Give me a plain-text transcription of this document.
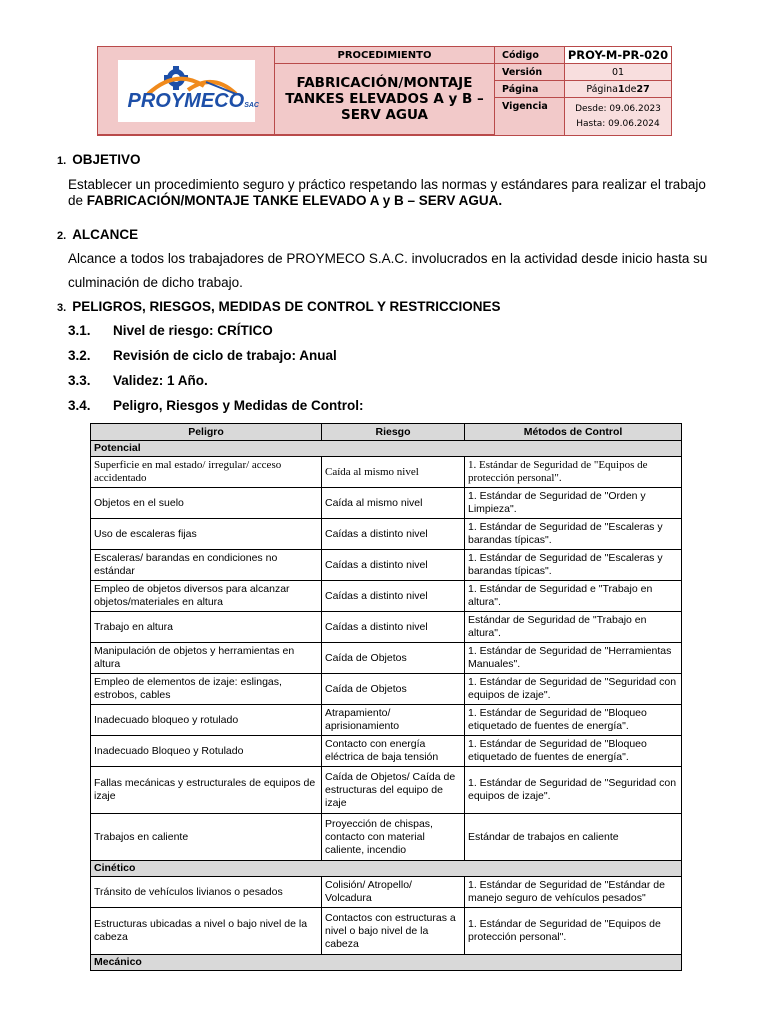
PROYMECOSAC
PROCEDIMIENTO	Código	PROY-M-PR-020
FABRICACIÓN/MONTAJE TANKES ELEVADOS A y B – SERV AGUA
Versión	01
Página	Página 1 de 27
Vigencia	Desde: 09.06.2023
Hasta: 09.06.2024
1. OBJETIVO
Establecer un procedimiento seguro y práctico respetando las normas y estándares para realizar el trabajo de FABRICACIÓN/MONTAJE TANKE ELEVADO A y B – SERV AGUA.
2. ALCANCE
Alcance a todos los trabajadores de PROYMECO S.A.C. involucrados en la actividad desde inicio hasta su culminación de dicho trabajo.
3. PELIGROS, RIESGOS, MEDIDAS DE CONTROL Y RESTRICCIONES
3.1. Nivel de riesgo: CRÍTICO
3.2. Revisión de ciclo de trabajo: Anual
3.3. Validez: 1 Año.
3.4. Peligro, Riesgos y Medidas de Control:
Peligro	Riesgo	Métodos de Control
Potencial		
Superficie en mal estado/ irregular/ acceso accidentado	Caída al mismo nivel	1. Estándar de Seguridad de "Equipos de protección personal".
Objetos en el suelo	Caída al mismo nivel	1. Estándar de Seguridad de "Orden y Limpieza".
Uso de escaleras fijas	Caídas a distinto nivel	1. Estándar de Seguridad de "Escaleras y barandas típicas".
Escaleras/ barandas en condiciones no estándar	Caídas a distinto nivel	1. Estándar de Seguridad de "Escaleras y barandas típicas".
Empleo de objetos diversos para alcanzar objetos/materiales en altura	Caídas a distinto nivel	1. Estándar de Seguridad e "Trabajo en altura".
Trabajo en altura	Caídas a distinto nivel	Estándar de Seguridad de "Trabajo en altura".
Manipulación de objetos y herramientas en altura	Caída de Objetos	1. Estándar de Seguridad de "Herramientas Manuales".
Empleo de elementos de izaje: eslingas, estrobos, cables	Caída de Objetos	1. Estándar de Seguridad de "Seguridad con equipos de izaje".
Inadecuado bloqueo y rotulado	Atrapamiento/ aprisionamiento	1. Estándar de Seguridad de "Bloqueo etiquetado de fuentes de energía".
Inadecuado Bloqueo y Rotulado	Contacto con energía eléctrica de baja tensión	1. Estándar de Seguridad de "Bloqueo etiquetado de fuentes de energía".
Fallas mecánicas y estructurales de equipos de izaje	Caída de Objetos/ Caída de estructuras del equipo de izaje	1. Estándar de Seguridad de "Seguridad con equipos de izaje".
Trabajos en caliente	Proyección de chispas, contacto con material caliente, incendio	Estándar de trabajos en caliente
Cinético		
Tránsito de vehículos livianos o pesados	Colisión/ Atropello/ Volcadura	1. Estándar de Seguridad de "Estándar de manejo seguro de vehículos pesados"
Estructuras ubicadas a nivel o bajo nivel de la cabeza	Contactos con estructuras a nivel o bajo nivel de la cabeza	1. Estándar de Seguridad de "Equipos de protección personal".
Mecánico		
